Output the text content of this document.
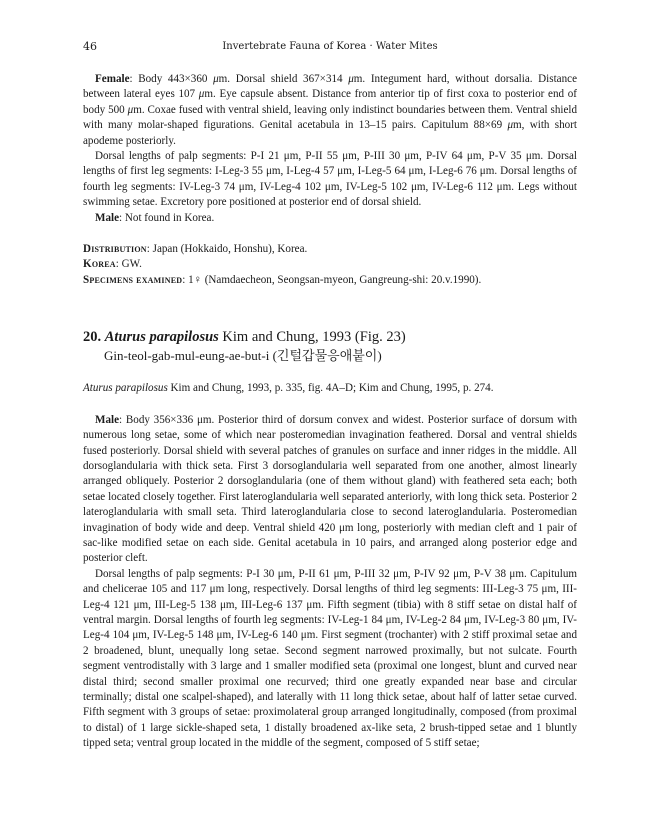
46	Invertebrate Fauna of Korea · Water Mites

Female: Body 443×360 μm. Dorsal shield 367×314 μm. Integument hard, without dorsalia. Distance between lateral eyes 107 μm. Eye capsule absent. Distance from anterior tip of first coxa to posterior end of body 500 μm. Coxae fused with ventral shield, leaving only indistinct boundaries between them. Ventral shield with many molar-shaped figurations. Genital acetabula in 13–15 pairs. Capitulum 88×69 μm, with short apodeme posteriorly.

Dorsal lengths of palp segments: P-I 21 μm, P-II 55 μm, P-III 30 μm, P-IV 64 μm, P-V 35 μm. Dorsal lengths of first leg segments: I-Leg-3 55 μm, I-Leg-4 57 μm, I-Leg-5 64 μm, I-Leg-6 76 μm. Dorsal lengths of fourth leg segments: IV-Leg-3 74 μm, IV-Leg-4 102 μm, IV-Leg-5 102 μm, IV-Leg-6 112 μm. Legs without swimming setae. Excretory pore positioned at posterior end of dorsal shield.

Male: Not found in Korea.

Distribution: Japan (Hokkaido, Honshu), Korea.

Korea: GW.

Specimens examined: 1♀ (Namdaecheon, Seongsan-myeon, Gangreung-shi: 20.v.1990).

20. Aturus parapilosus Kim and Chung, 1993 (Fig. 23)
Gin-teol-gab-mul-eung-ae-but-i (긴털갑물응애붙이)

Aturus parapilosus Kim and Chung, 1993, p. 335, fig. 4A–D; Kim and Chung, 1995, p. 274.

Male: Body 356×336 μm. Posterior third of dorsum convex and widest. Posterior surface of dorsum with numerous long setae, some of which near posteromedian invagination feathered. Dorsal and ventral shields fused posteriorly. Dorsal shield with several patches of granules on surface and inner ridges in the middle. All dorsoglandularia with thick seta. First 3 dorsoglandularia well separated from one another, almost linearly arranged obliquely. Posterior 2 dorsoglandularia (one of them without gland) with feathered seta each; both setae located closely together. First lateroglandularia well separated anteriorly, with long thick seta. Posterior 2 lateroglandularia with small seta. Third lateroglandularia close to second lateroglandularia. Posteromedian invagination of body wide and deep. Ventral shield 420 μm long, posteriorly with median cleft and 1 pair of sac-like modified setae on each side. Genital acetabula in 10 pairs, and arranged along posterior edge and posterior cleft.

Dorsal lengths of palp segments: P-I 30 μm, P-II 61 μm, P-III 32 μm, P-IV 92 μm, P-V 38 μm. Capitulum and chelicerae 105 and 117 μm long, respectively. Dorsal lengths of third leg segments: III-Leg-3 75 μm, III-Leg-4 121 μm, III-Leg-5 138 μm, III-Leg-6 137 μm. Fifth segment (tibia) with 8 stiff setae on distal half of ventral margin. Dorsal lengths of fourth leg segments: IV-Leg-1 84 μm, IV-Leg-2 84 μm, IV-Leg-3 80 μm, IV-Leg-4 104 μm, IV-Leg-5 148 μm, IV-Leg-6 140 μm. First segment (trochanter) with 2 stiff proximal setae and 2 broadened, blunt, unequally long setae. Second segment narrowed proximally, but not sulcate. Fourth segment ventrodistally with 3 large and 1 smaller modified seta (proximal one longest, blunt and curved near distal third; second smaller proximal one recurved; third one greatly expanded near base and circular terminally; distal one scalpel-shaped), and laterally with 11 long thick setae, about half of latter setae curved. Fifth segment with 3 groups of setae: proximolateral group arranged longitudinally, composed (from proximal to distal) of 1 large sickle-shaped seta, 1 distally broadened ax-like seta, 2 brush-tipped setae and 1 bluntly tipped seta; ventral group located in the middle of the segment, composed of 5 stiff setae;
